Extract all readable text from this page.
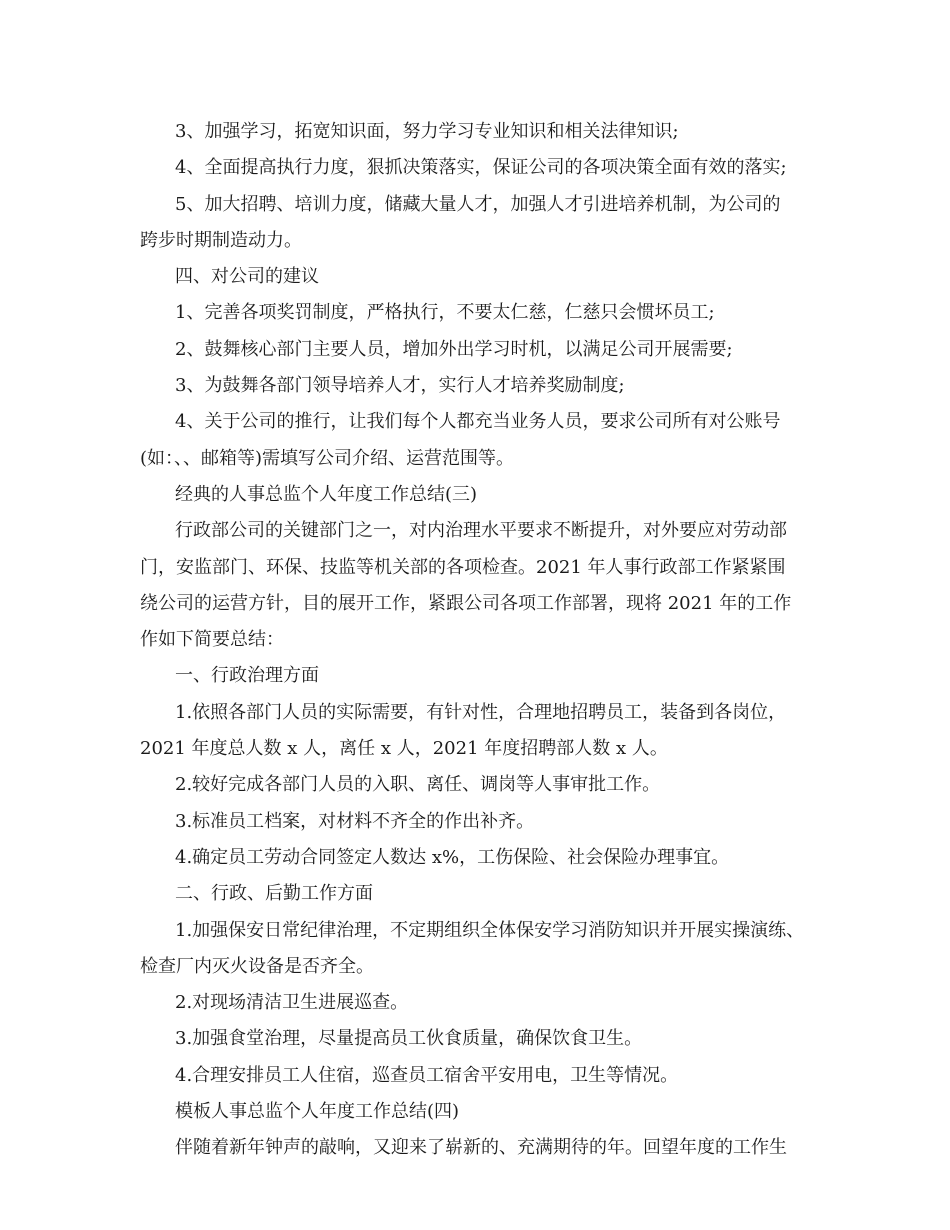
3、加强学习，拓宽知识面，努力学习专业知识和相关法律知识;
4、全面提高执行力度，狠抓决策落实，保证公司的各项决策全面有效的落实;
5、加大招聘、培训力度，储藏大量人才，加强人才引进培养机制，为公司的
跨步时期制造动力。
四、对公司的建议
1、完善各项奖罚制度，严格执行，不要太仁慈，仁慈只会惯坏员工;
2、鼓舞核心部门主要人员，增加外出学习时机，以满足公司开展需要;
3、为鼓舞各部门领导培养人才，实行人才培养奖励制度;
4、关于公司的推行，让我们每个人都充当业务人员，要求公司所有对公账号
(如：、、邮箱等)需填写公司介绍、运营范围等。
经典的人事总监个人年度工作总结(三)
行政部公司的关键部门之一，对内治理水平要求不断提升，对外要应对劳动部
门，安监部门、环保、技监等机关部的各项检查。2021 年人事行政部工作紧紧围
绕公司的运营方针，目的展开工作，紧跟公司各项工作部署，现将 2021 年的工作
作如下简要总结：
一、行政治理方面
1.依照各部门人员的实际需要，有针对性，合理地招聘员工，装备到各岗位，
2021 年度总人数 x 人，离任 x 人，2021 年度招聘部人数 x 人。
2.较好完成各部门人员的入职、离任、调岗等人事审批工作。
3.标准员工档案，对材料不齐全的作出补齐。
4.确定员工劳动合同签定人数达 x%，工伤保险、社会保险办理事宜。
二、行政、后勤工作方面
1.加强保安日常纪律治理，不定期组织全体保安学习消防知识并开展实操演练、
检查厂内灭火设备是否齐全。
2.对现场清洁卫生进展巡查。
3.加强食堂治理，尽量提高员工伙食质量，确保饮食卫生。
4.合理安排员工人住宿，巡查员工宿舍平安用电，卫生等情况。
模板人事总监个人年度工作总结(四)
伴随着新年钟声的敲响，又迎来了崭新的、充满期待的年。回望年度的工作生
